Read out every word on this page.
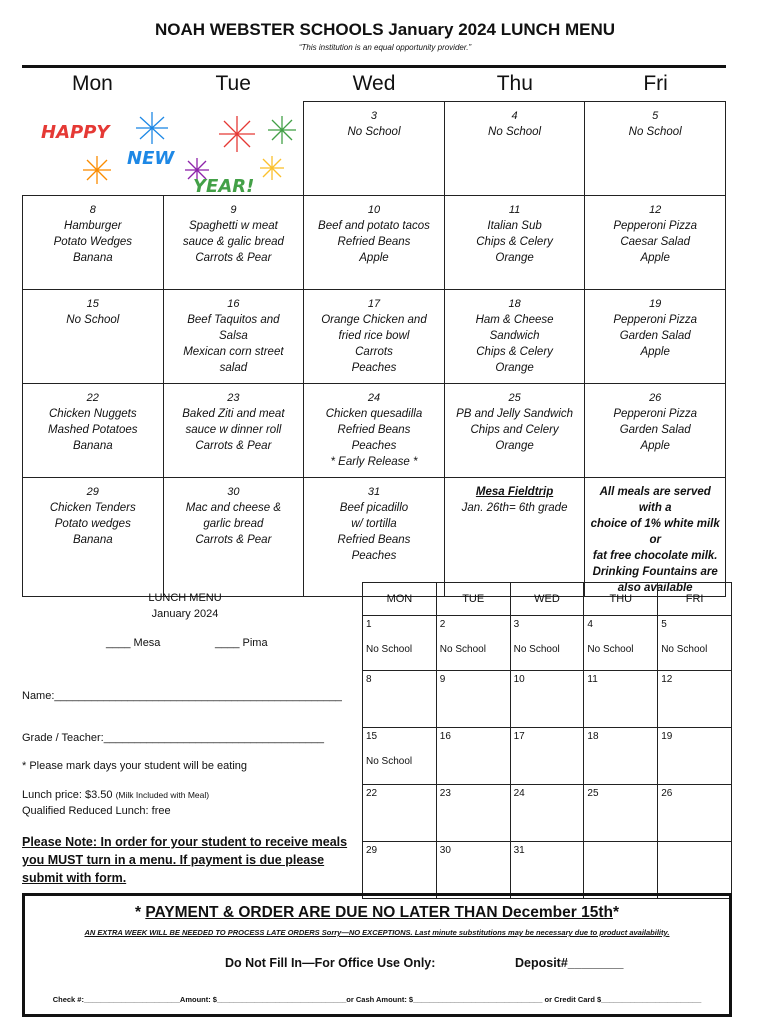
NOAH WEBSTER SCHOOLS January 2024 LUNCH MENU
“This institution is an equal opportunity provider.”
Mon	Tue	Wed	Thu	Fri
HAPPY
NEW
YEAR!		3
No School	4
No School	5
No School

8
Hamburger
Potato Wedges
Banana	9
Spaghetti w meat
sauce & galic bread
Carrots & Pear	10
Beef and potato tacos
Refried Beans
Apple	11
Italian Sub
Chips & Celery
Orange	12
Pepperoni Pizza
Caesar Salad
Apple

15
No School	16
Beef Taquitos and
Salsa
Mexican corn street
salad	17
Orange Chicken and
fried rice bowl
Carrots
Peaches	18
Ham & Cheese
Sandwich
Chips & Celery
Orange	19
Pepperoni Pizza
Garden Salad
Apple

22
Chicken Nuggets
Mashed Potatoes
Banana	23
Baked Ziti and meat
sauce w dinner roll
Carrots & Pear	24
Chicken quesadilla
Refried Beans
Peaches
* Early Release *	25
PB and Jelly Sandwich
Chips and Celery
Orange	26
Pepperoni Pizza
Garden Salad
Apple

29
Chicken Tenders
Potato wedges
Banana	30
Mac and cheese &
garlic bread
Carrots & Pear	31
Beef picadillo
w/ tortilla
Refried Beans
Peaches	Mesa Fieldtrip
Jan. 26th= 6th grade	All meals are served with a
choice of 1% white milk or
fat free chocolate milk.
Drinking Fountains are
also available
LUNCH MENU
January 2024
____ Mesa	____ Pima
Name:_______________________________________________
Grade / Teacher:____________________________________
* Please mark days your student will be eating
Lunch price: $3.50 (Milk Included with Meal)
Qualified Reduced Lunch: free
Please Note: In order for your student to receive meals you MUST turn in a menu. If payment is due please submit with form.
MON	TUE	WED	THU	FRI
1
No School	2
No School	3
No School	4
No School	5
No School

8	9	10	11	12
15
No School	16	17	18	19
22	23	24	25	26
29	30	31		
* PAYMENT & ORDER ARE DUE NO LATER THAN December 15th*
AN EXTRA WEEK WILL BE NEEDED TO PROCESS LATE ORDERS Sorry—NO EXCEPTIONS. Last minute substitutions may be necessary due to product availability.
Do Not Fill In—For Office Use Only:	Deposit#________
Check #:_______________________Amount: $_______________________________or Cash Amount: $_______________________________ or Credit Card $________________________
